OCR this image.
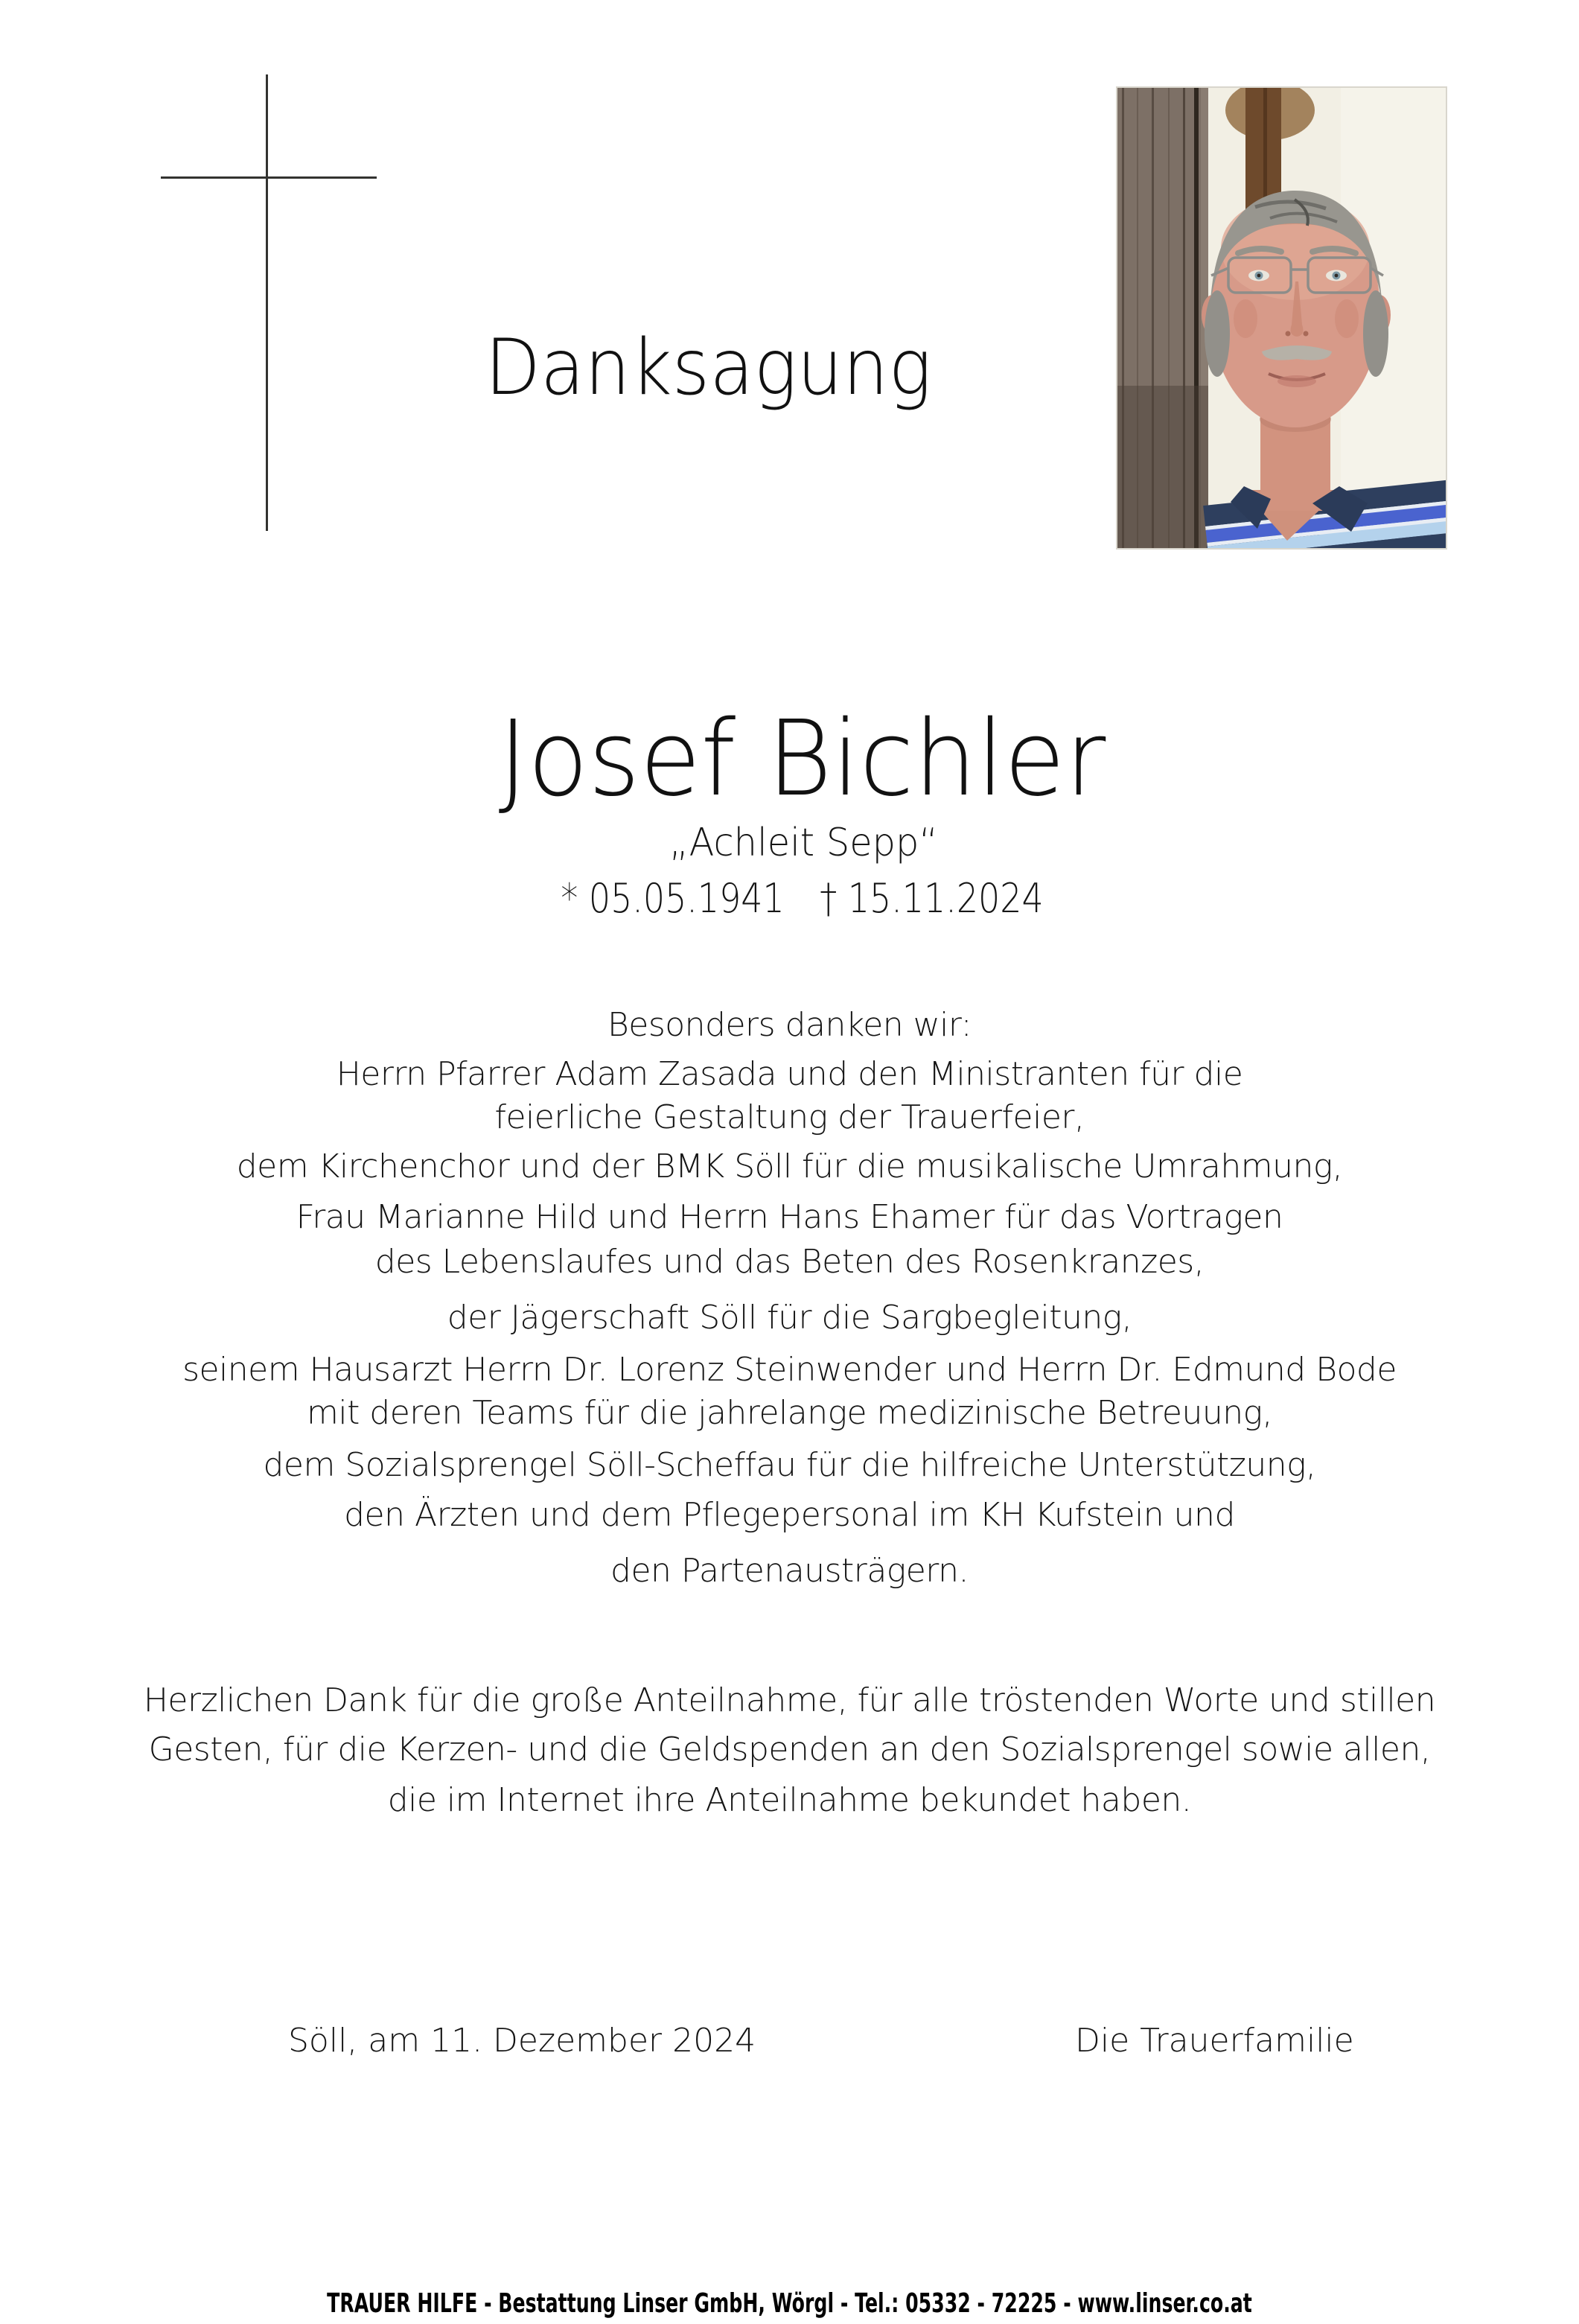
Danksagung
Josef Bichler
„Achleit Sepp“
* 05.05.1941 † 15.11.2024
Besonders danken wir:
Herrn Pfarrer Adam Zasada und den Ministranten für die
feierliche Gestaltung der Trauerfeier,
dem Kirchenchor und der BMK Söll für die musikalische Umrahmung,
Frau Marianne Hild und Herrn Hans Ehamer für das Vortragen
des Lebenslaufes und das Beten des Rosenkranzes,
der Jägerschaft Söll für die Sargbegleitung,
seinem Hausarzt Herrn Dr. Lorenz Steinwender und Herrn Dr. Edmund Bode
mit deren Teams für die jahrelange medizinische Betreuung,
dem Sozialsprengel Söll-Scheffau für die hilfreiche Unterstützung,
den Ärzten und dem Pflegepersonal im KH Kufstein und
den Partenausträgern.
Herzlichen Dank für die große Anteilnahme, für alle tröstenden Worte und stillen
Gesten, für die Kerzen- und die Geldspenden an den Sozialsprengel sowie allen,
die im Internet ihre Anteilnahme bekundet haben.
Söll, am 11. Dezember 2024	Die Trauerfamilie
TRAUER HILFE - Bestattung Linser GmbH, Wörgl - Tel.: 05332 - 72225 - www.linser.co.at
